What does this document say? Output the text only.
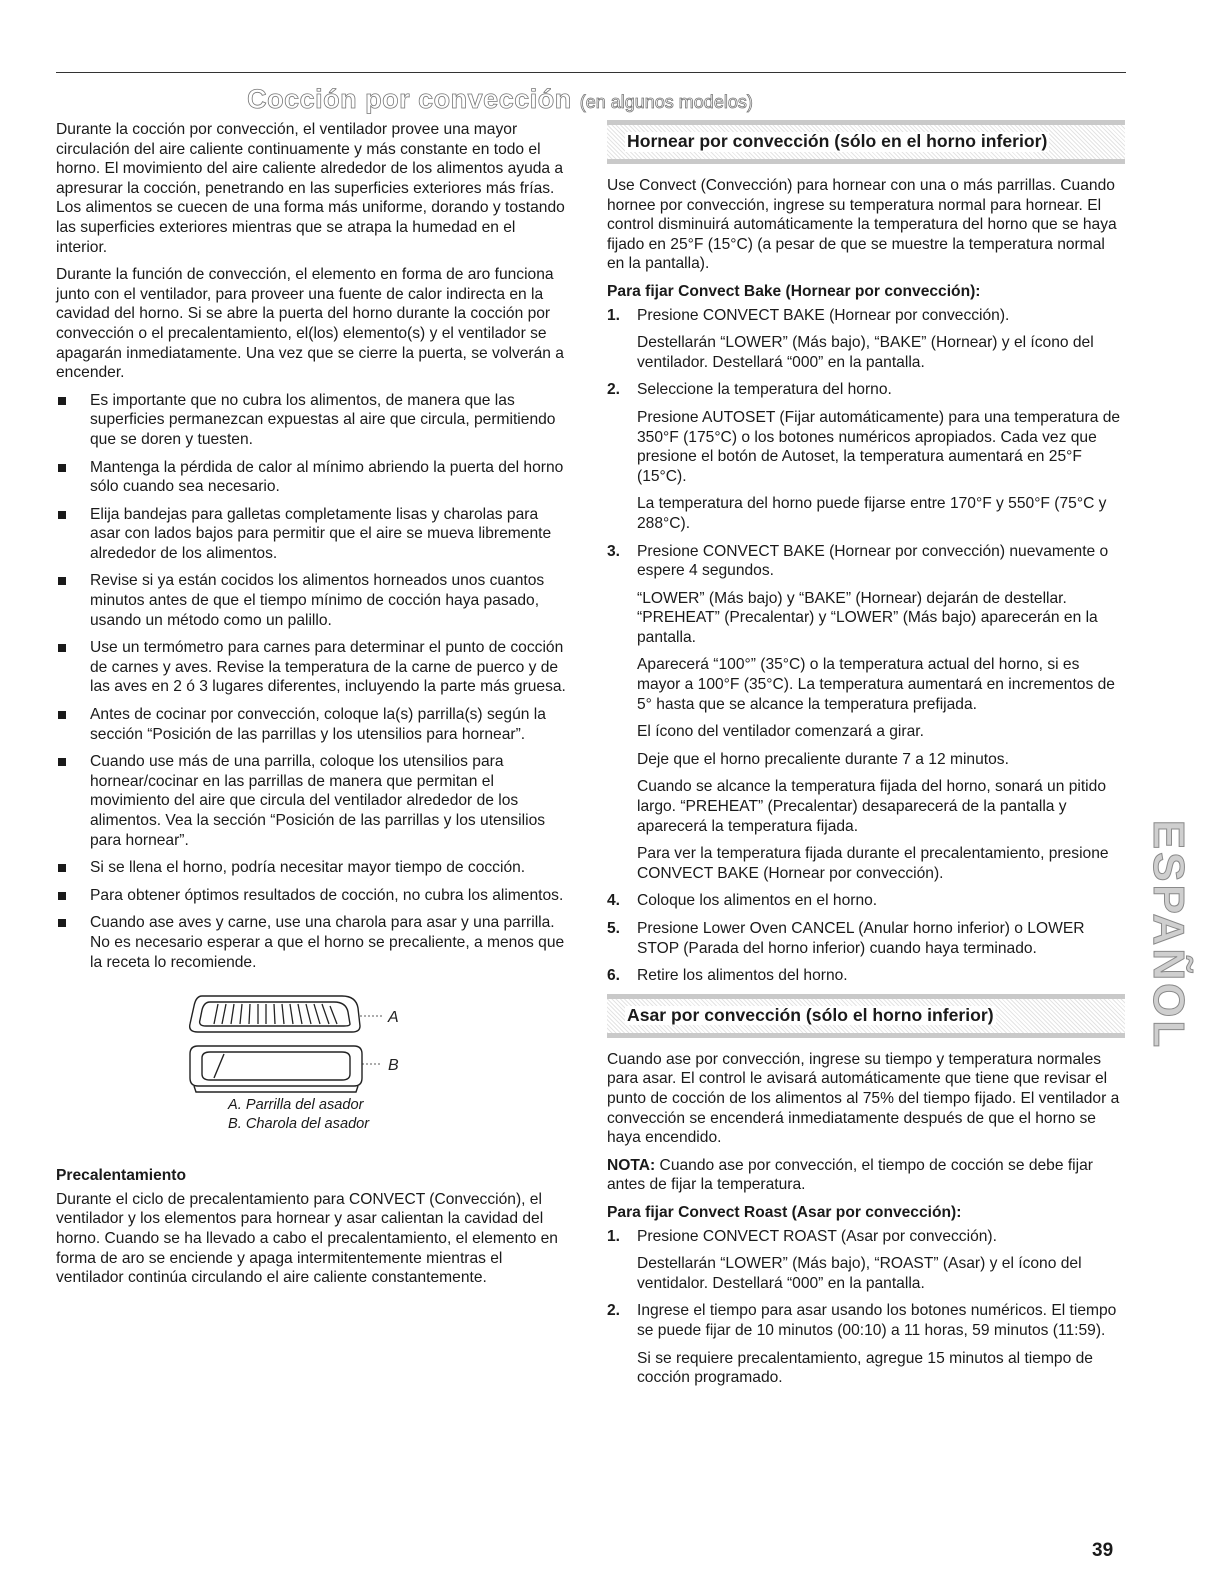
Cocción por convección (en algunos modelos)

Durante la cocción por convección, el ventilador provee una mayor circulación del aire caliente continuamente y más constante en todo el horno. El movimiento del aire caliente alrededor de los alimentos ayuda a apresurar la cocción, penetrando en las superficies exteriores más frías. Los alimentos se cuecen de una forma más uniforme, dorando y tostando las superficies exteriores mientras que se atrapa la humedad en el interior.

Durante la función de convección, el elemento en forma de aro funciona junto con el ventilador, para proveer una fuente de calor indirecta en la cavidad del horno. Si se abre la puerta del horno durante la cocción por convección o el precalentamiento, el(los) elemento(s) y el ventilador se apagarán inmediatamente. Una vez que se cierre la puerta, se volverán a encender.

Es importante que no cubra los alimentos, de manera que las superficies permanezcan expuestas al aire que circula, permitiendo que se doren y tuesten.
Mantenga la pérdida de calor al mínimo abriendo la puerta del horno sólo cuando sea necesario.
Elija bandejas para galletas completamente lisas y charolas para asar con lados bajos para permitir que el aire se mueva libremente alrededor de los alimentos.
Revise si ya están cocidos los alimentos horneados unos cuantos minutos antes de que el tiempo mínimo de cocción haya pasado, usando un método como un palillo.
Use un termómetro para carnes para determinar el punto de cocción de carnes y aves. Revise la temperatura de la carne de puerco y de las aves en 2 ó 3 lugares diferentes, incluyendo la parte más gruesa.
Antes de cocinar por convección, coloque la(s) parrilla(s) según la sección “Posición de las parrillas y los utensilios para hornear”.
Cuando use más de una parrilla, coloque los utensilios para hornear/cocinar en las parrillas de manera que permitan el movimiento del aire que circula del ventilador alrededor de los alimentos. Vea la sección “Posición de las parrillas y los utensilios para hornear”.
Si se llena el horno, podría necesitar mayor tiempo de cocción.
Para obtener óptimos resultados de cocción, no cubra los alimentos.
Cuando ase aves y carne, use una charola para asar y una parrilla. No es necesario esperar a que el horno se precaliente, a menos que la receta lo recomiende.
A
B
A. Parrilla del asador
B. Charola del asador
Precalentamiento

Durante el ciclo de precalentamiento para CONVECT (Convección), el ventilador y los elementos para hornear y asar calientan la cavidad del horno. Cuando se ha llevado a cabo el precalentamiento, el elemento en forma de aro se enciende y apaga intermitentemente mientras el ventilador continúa circulando el aire caliente constantemente.

Hornear por convección (sólo en el horno inferior)

Use Convect (Convección) para hornear con una o más parrillas. Cuando hornee por convección, ingrese su temperatura normal para hornear. El control disminuirá automáticamente la temperatura del horno que se haya fijado en 25°F (15°C) (a pesar de que se muestre la temperatura normal en la pantalla).

Para fijar Convect Bake (Hornear por convección):
1. Presione CONVECT BAKE (Hornear por convección).

Destellarán “LOWER” (Más bajo), “BAKE” (Hornear) y el ícono del ventilador. Destellará “000” en la pantalla.

2. Seleccione la temperatura del horno.

Presione AUTOSET (Fijar automáticamente) para una temperatura de 350°F (175°C) o los botones numéricos apropiados. Cada vez que presione el botón de Autoset, la temperatura aumentará en 25°F (15°C).

La temperatura del horno puede fijarse entre 170°F y 550°F (75°C y 288°C).

3. Presione CONVECT BAKE (Hornear por convección) nuevamente o espere 4 segundos.

“LOWER” (Más bajo) y “BAKE” (Hornear) dejarán de destellar. “PREHEAT” (Precalentar) y “LOWER” (Más bajo) aparecerán en la pantalla.

Aparecerá “100°” (35°C) o la temperatura actual del horno, si es mayor a 100°F (35°C). La temperatura aumentará en incrementos de 5° hasta que se alcance la temperatura prefijada.

El ícono del ventilador comenzará a girar.

Deje que el horno precaliente durante 7 a 12 minutos.

Cuando se alcance la temperatura fijada del horno, sonará un pitido largo. “PREHEAT” (Precalentar) desaparecerá de la pantalla y aparecerá la temperatura fijada.

Para ver la temperatura fijada durante el precalentamiento, presione CONVECT BAKE (Hornear por convección).

4. Coloque los alimentos en el horno.

5. Presione Lower Oven CANCEL (Anular horno inferior) o LOWER STOP (Parada del horno inferior) cuando haya terminado.

6. Retire los alimentos del horno.

Asar por convección (sólo el horno inferior)

Cuando ase por convección, ingrese su tiempo y temperatura normales para asar. El control le avisará automáticamente que tiene que revisar el punto de cocción de los alimentos al 75% del tiempo fijado. El ventilador a convección se encenderá inmediatamente después de que el horno se haya encendido.

NOTA: Cuando ase por convección, el tiempo de cocción se debe fijar antes de fijar la temperatura.

Para fijar Convect Roast (Asar por convección):
1. Presione CONVECT ROAST (Asar por convección).

Destellarán “LOWER” (Más bajo), “ROAST” (Asar) y el ícono del ventidalor. Destellará “000” en la pantalla.

2. Ingrese el tiempo para asar usando los botones numéricos. El tiempo se puede fijar de 10 minutos (00:10) a 11 horas, 59 minutos (11:59).

Si se requiere precalentamiento, agregue 15 minutos al tiempo de cocción programado.

ESPAÑOL
39
